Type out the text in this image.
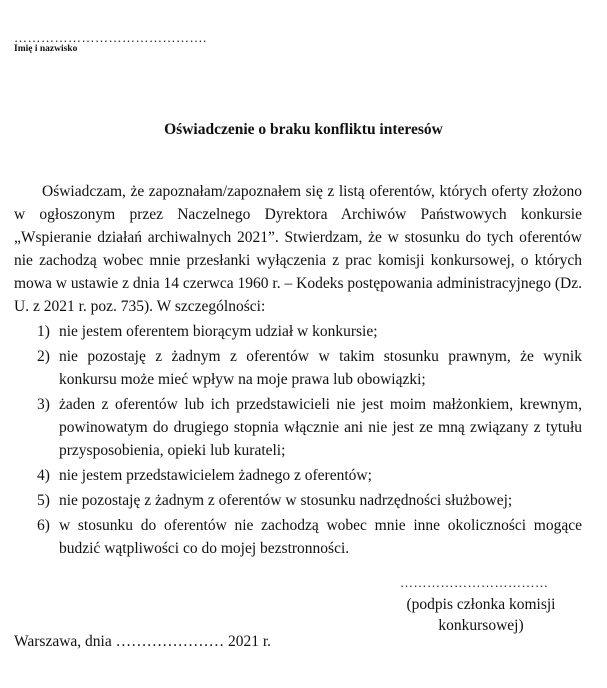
…………………………………….
Imię i nazwisko
Oświadczenie o braku konfliktu interesów

Oświadczam, że zapoznałam/zapoznałem się z listą oferentów, których oferty złożono w ogłoszonym przez Naczelnego Dyrektora Archiwów Państwowych konkursie „Wspieranie działań archiwalnych 2021”. Stwierdzam, że w stosunku do tych oferentów nie zachodzą wobec mnie przesłanki wyłączenia z prac komisji konkursowej, o których mowa w ustawie z dnia 14 czerwca 1960 r. – Kodeks postępowania administracyjnego (Dz. U. z 2021 r. poz. 735). W szczególności:

1) nie jestem oferentem biorącym udział w konkursie;
2) nie pozostaję z żadnym z oferentów w takim stosunku prawnym, że wynik konkursu może mieć wpływ na moje prawa lub obowiązki;
3) żaden z oferentów lub ich przedstawicieli nie jest moim małżonkiem, krewnym, powinowatym do drugiego stopnia włącznie ani nie jest ze mną związany z tytułu przysposobienia, opieki lub kurateli;
4) nie jestem przedstawicielem żadnego z oferentów;
5) nie pozostaję z żadnym z oferentów w stosunku nadrzędności służbowej;
6) w stosunku do oferentów nie zachodzą wobec mnie inne okoliczności mogące budzić wątpliwości co do mojej bezstronności.
……………………………
(podpis członka komisji konkursowej)
Warszawa, dnia ………………… 2021 r.
